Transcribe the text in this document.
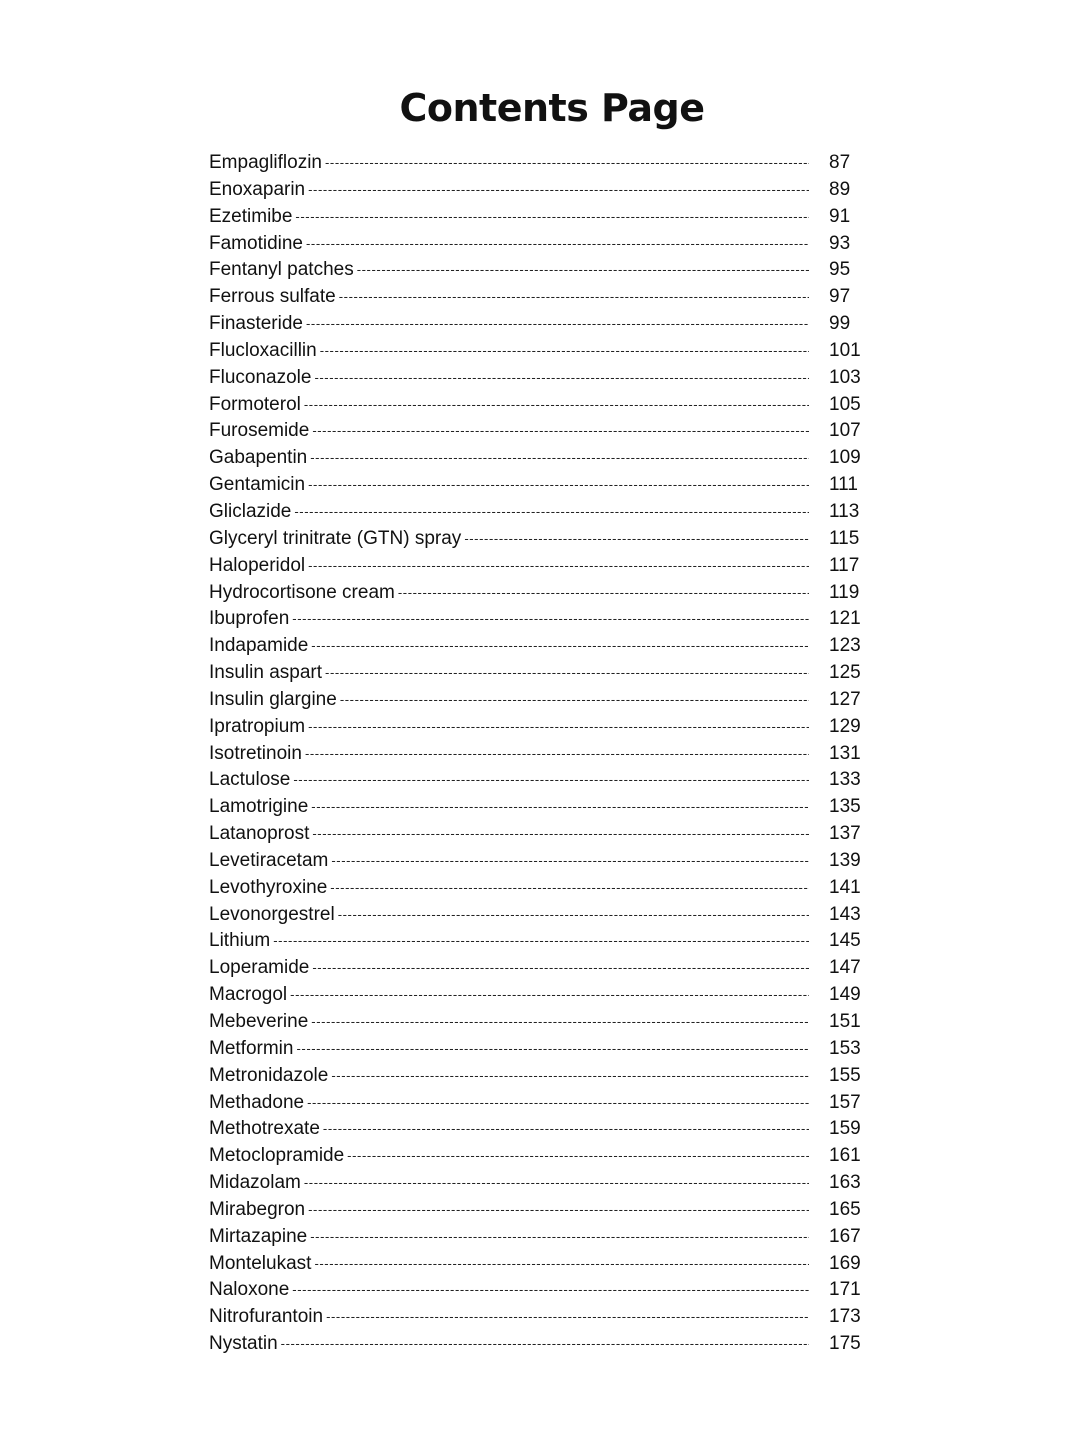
Contents Page
Empagliflozin -----	87
Enoxaparin -----	89
Ezetimibe -----	91
Famotidine -----	93
Fentanyl patches -----	95
Ferrous sulfate -----	97
Finasteride -----	99
Flucloxacillin -----	101
Fluconazole -----	103
Formoterol -----	105
Furosemide -----	107
Gabapentin -----	109
Gentamicin -----	111
Gliclazide -----	113
Glyceryl trinitrate (GTN) spray -----	115
Haloperidol -----	117
Hydrocortisone cream -----	119
Ibuprofen -----	121
Indapamide -----	123
Insulin aspart -----	125
Insulin glargine -----	127
Ipratropium -----	129
Isotretinoin -----	131
Lactulose -----	133
Lamotrigine -----	135
Latanoprost -----	137
Levetiracetam -----	139
Levothyroxine -----	141
Levonorgestrel -----	143
Lithium -----	145
Loperamide -----	147
Macrogol -----	149
Mebeverine -----	151
Metformin -----	153
Metronidazole -----	155
Methadone -----	157
Methotrexate -----	159
Metoclopramide -----	161
Midazolam -----	163
Mirabegron -----	165
Mirtazapine -----	167
Montelukast -----	169
Naloxone -----	171
Nitrofurantoin -----	173
Nystatin -----	175
